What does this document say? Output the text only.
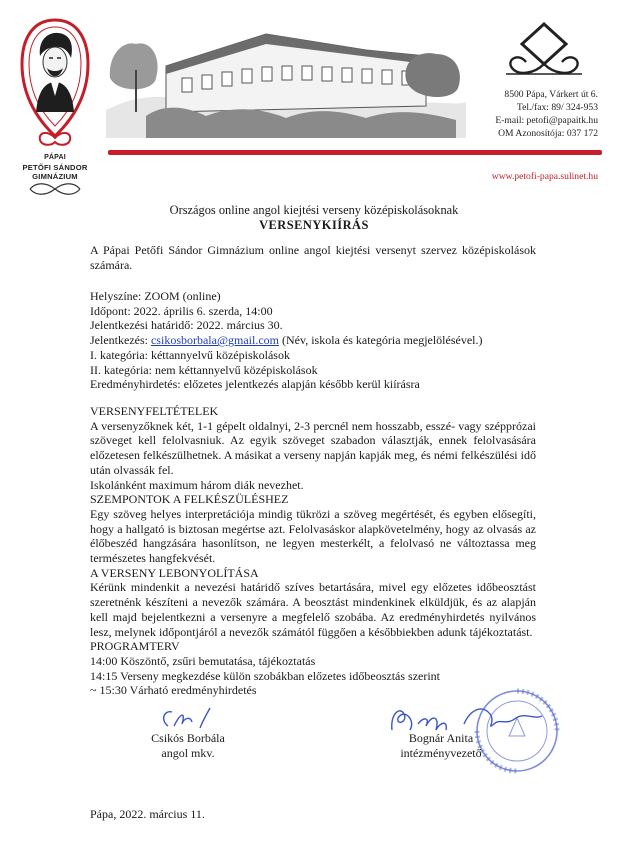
PÁPAI
PETŐFI SÁNDOR
GIMNÁZIUM
8500 Pápa, Várkert út 6.
Tel./fax: 89/ 324-953
E-mail: petofi@papaitk.hu
OM Azonosítója: 037 172
www.petofi-papa.sulinet.hu
Országos online angol kiejtési verseny középiskolásoknak
VERSENYKIÍRÁS

A Pápai Petőfi Sándor Gimnázium online angol kiejtési versenyt szervez középiskolások számára.

Helyszíne: ZOOM (online)

Időpont: 2022. április 6. szerda, 14:00

Jelentkezési határidő: 2022. március 30.

Jelentkezés: csikosborbala@gmail.com (Név, iskola és kategória megjelölésével.)

I. kategória: kéttannyelvű középiskolások

II. kategória: nem kéttannyelvű középiskolások

Eredményhirdetés: előzetes jelentkezés alapján később kerül kiírásra

VERSENYFELTÉTELEK

A versenyzőknek két, 1-1 gépelt oldalnyi, 2-3 percnél nem hosszabb, esszé- vagy szépprózai szöveget kell felolvasniuk. Az egyik szöveget szabadon választják, ennek felolvasására előzetesen felkészülhetnek. A másikat a verseny napján kapják meg, és némi felkészülési idő után olvassák fel.

Iskolánként maximum három diák nevezhet.

SZEMPONTOK A FELKÉSZÜLÉSHEZ

Egy szöveg helyes interpretációja mindig tükrözi a szöveg megértését, és egyben elősegíti, hogy a hallgató is biztosan megértse azt. Felolvasáskor alapkövetelmény, hogy az olvasás az élőbeszéd hangzására hasonlítson, ne legyen mesterkélt, a felolvasó ne változtassa meg természetes hangfekvését.

A VERSENY LEBONYOLÍTÁSA

Kérünk mindenkit a nevezési határidő szíves betartására, mivel egy előzetes időbeosztást szeretnénk készíteni a nevezők számára. A beosztást mindenkinek elküldjük, és az alapján kell majd bejelentkezni a versenyre a megfelelő szobába. Az eredményhirdetés nyilvános lesz, melynek időpontjáról a nevezők számától függően a későbbiekben adunk tájékoztatást.

PROGRAMTERV

14:00 Köszöntő, zsűri bemutatása, tájékoztatás

14:15 Verseny megkezdése külön szobákban előzetes időbeosztás szerint

~ 15:30 Várható eredményhirdetés

Csikós Borbála
angol mkv.
Bognár Anita
intézményvezető
Pápa, 2022. március 11.
